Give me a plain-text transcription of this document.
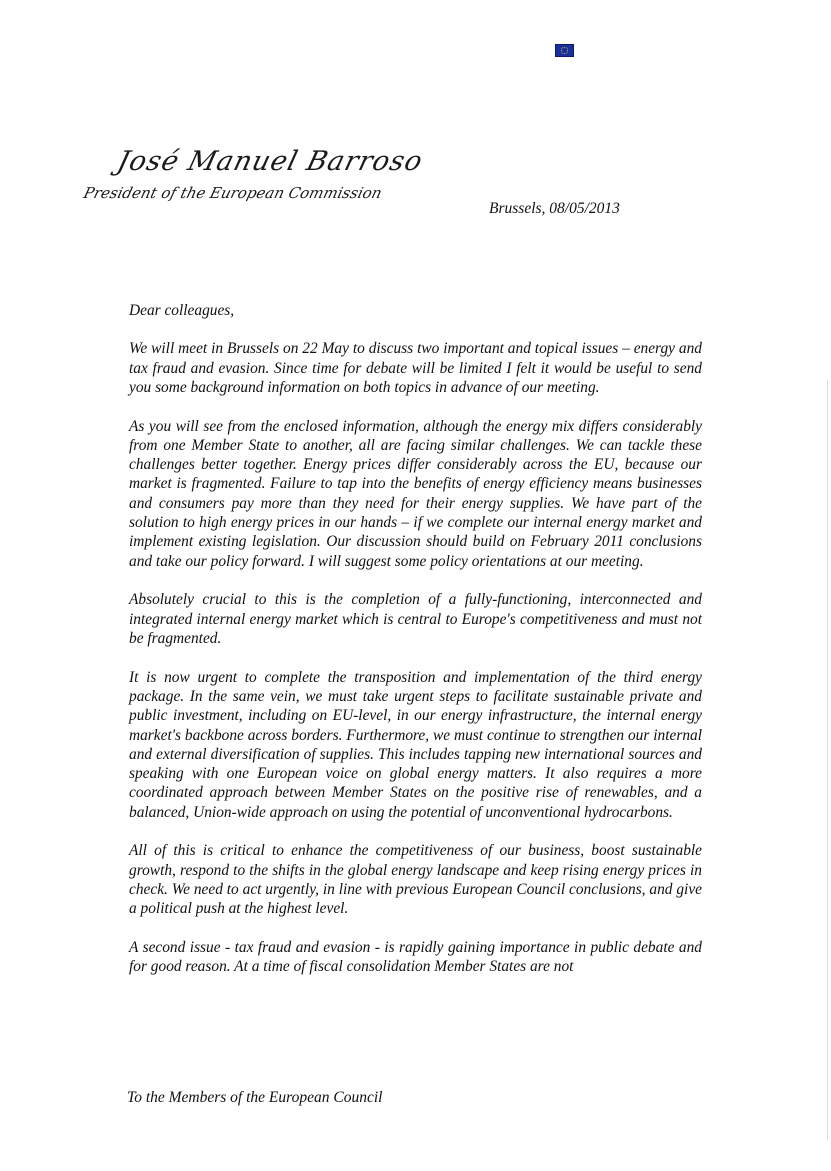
José Manuel Barroso
President of the European Commission
Brussels, 08/05/2013

Dear colleagues,

We will meet in Brussels on 22 May to discuss two important and topical issues – energy and tax fraud and evasion. Since time for debate will be limited I felt it would be useful to send you some background information on both topics in advance of our meeting.

As you will see from the enclosed information, although the energy mix differs considerably from one Member State to another, all are facing similar challenges. We can tackle these challenges better together. Energy prices differ considerably across the EU, because our market is fragmented. Failure to tap into the benefits of energy efficiency means businesses and consumers pay more than they need for their energy supplies. We have part of the solution to high energy prices in our hands – if we complete our internal energy market and implement existing legislation. Our discussion should build on February 2011 conclusions and take our policy forward. I will suggest some policy orientations at our meeting.

Absolutely crucial to this is the completion of a fully-functioning, interconnected and integrated internal energy market which is central to Europe's competitiveness and must not be fragmented.

It is now urgent to complete the transposition and implementation of the third energy package. In the same vein, we must take urgent steps to facilitate sustainable private and public investment, including on EU-level, in our energy infrastructure, the internal energy market's backbone across borders. Furthermore, we must continue to strengthen our internal and external diversification of supplies. This includes tapping new international sources and speaking with one European voice on global energy matters. It also requires a more coordinated approach between Member States on the positive rise of renewables, and a balanced, Union-wide approach on using the potential of unconventional hydrocarbons.

All of this is critical to enhance the competitiveness of our business, boost sustainable growth, respond to the shifts in the global energy landscape and keep rising energy prices in check. We need to act urgently, in line with previous European Council conclusions, and give a political push at the highest level.

A second issue - tax fraud and evasion - is rapidly gaining importance in public debate and for good reason. At a time of fiscal consolidation Member States are not

To the Members of the European Council
